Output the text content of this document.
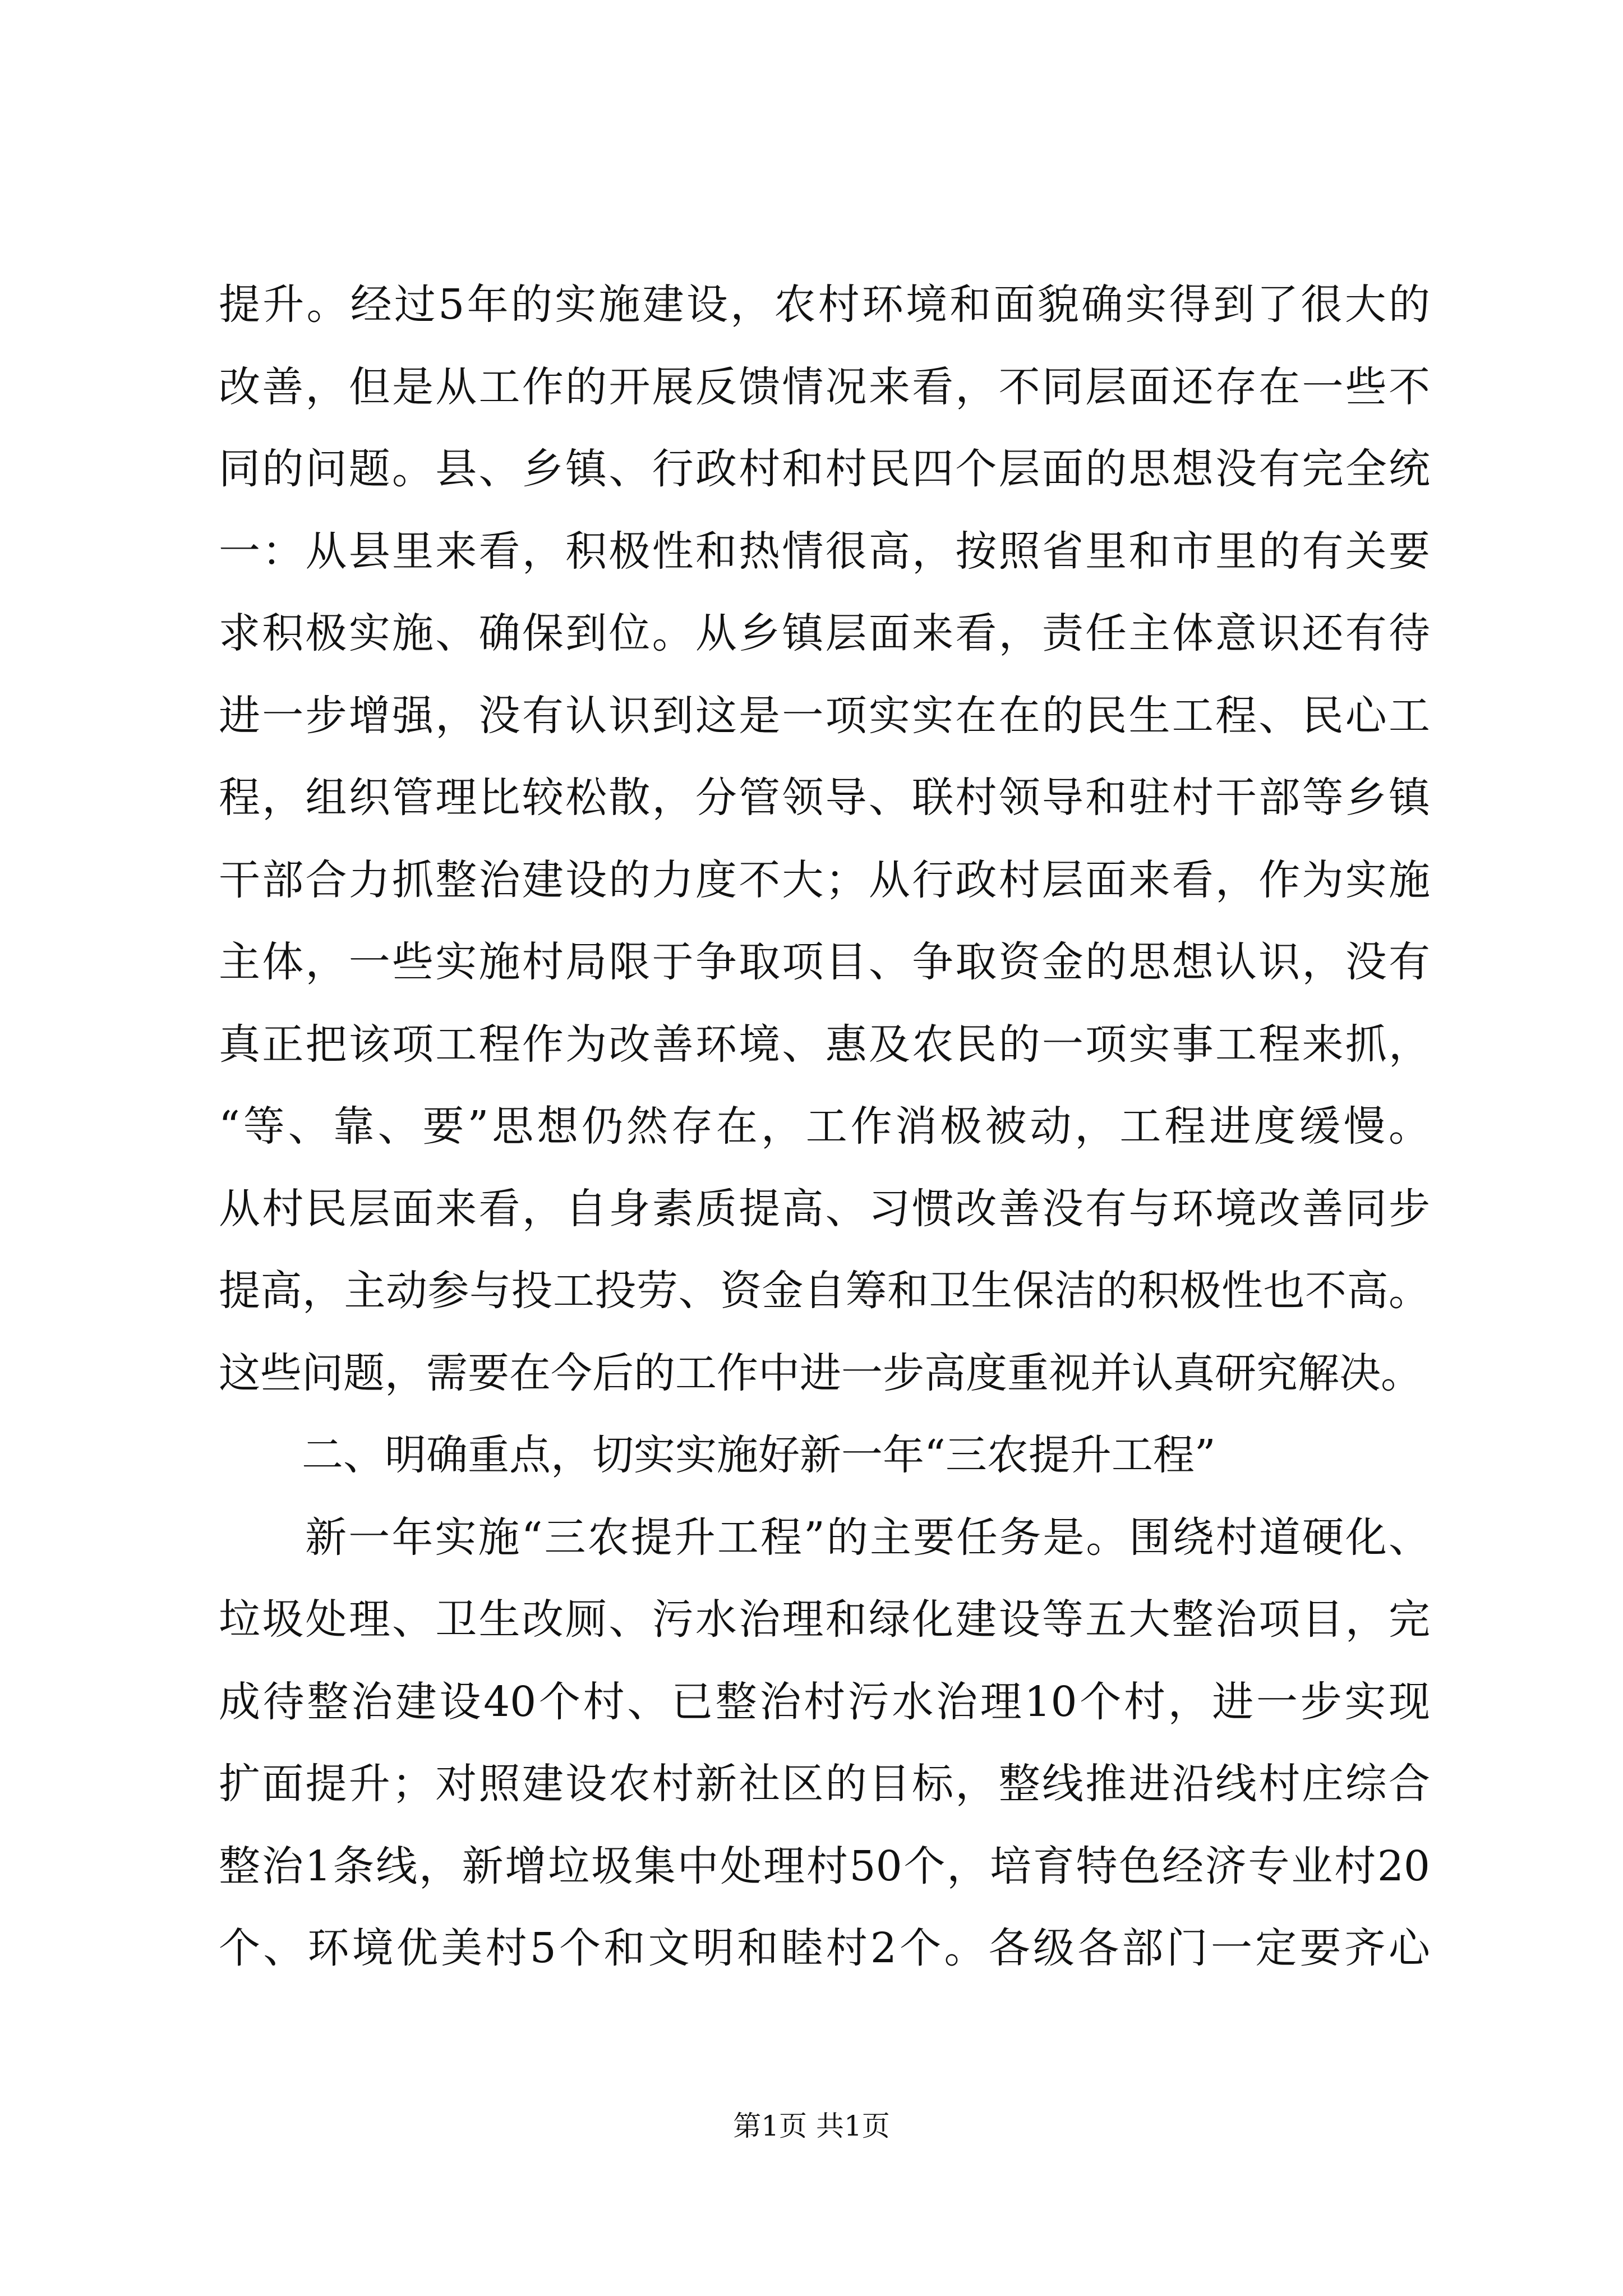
提升。经过5年的实施建设，农村环境和面貌确实得到了很大的
改善，但是从工作的开展反馈情况来看，不同层面还存在一些不
同的问题。县、乡镇、行政村和村民四个层面的思想没有完全统
一：从县里来看，积极性和热情很高，按照省里和市里的有关要
求积极实施、确保到位。从乡镇层面来看，责任主体意识还有待
进一步增强，没有认识到这是一项实实在在的民生工程、民心工
程，组织管理比较松散，分管领导、联村领导和驻村干部等乡镇
干部合力抓整治建设的力度不大；从行政村层面来看，作为实施
主体，一些实施村局限于争取项目、争取资金的思想认识，没有
真正把该项工程作为改善环境、惠及农民的一项实事工程来抓，
“等、靠、要”思想仍然存在，工作消极被动，工程进度缓慢。
从村民层面来看，自身素质提高、习惯改善没有与环境改善同步
提高，主动参与投工投劳、资金自筹和卫生保洁的积极性也不高。
这些问题，需要在今后的工作中进一步高度重视并认真研究解决。
　　二、明确重点，切实实施好新一年“三农提升工程”
　　新一年实施“三农提升工程”的主要任务是。围绕村道硬化、
垃圾处理、卫生改厕、污水治理和绿化建设等五大整治项目，完
成待整治建设40个村、已整治村污水治理10个村，进一步实现
扩面提升；对照建设农村新社区的目标，整线推进沿线村庄综合
整治1条线，新增垃圾集中处理村50个，培育特色经济专业村20
个、环境优美村5个和文明和睦村2个。各级各部门一定要齐心
第1页 共1页
